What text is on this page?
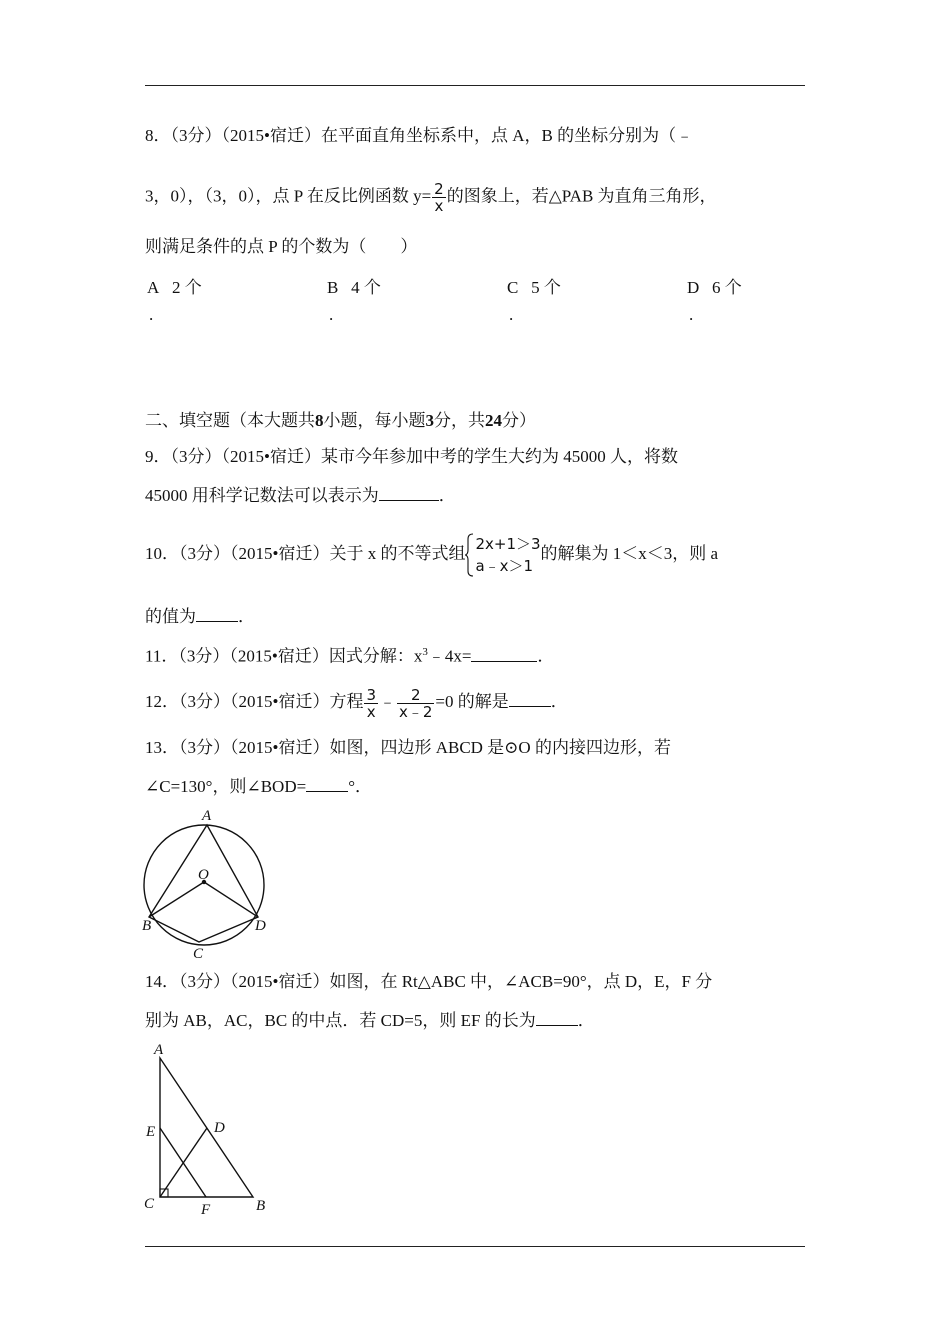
8．（3分）（2015•宿迁）在平面直角坐标系中，点 A，B 的坐标分别为（﹣
3，0），（3，0），点 P 在反比例函数 $y= \frac{2}{x}$ 的图象上，若△PAB 为直角三角形，
则满足条件的点 P 的个数为（　　）
A 2 个
.
B 4 个
.
C 5 个
.
D 6 个
.
二、填空题（本大题共8小题，每小题3分，共24分）
9．（3分）（2015•宿迁）某市今年参加中考的学生大约为 45000 人，将数
45000 用科学记数法可以表示为	．
10．（3分）（2015•宿迁）关于 x 的不等式组 2x+1＞3
a﹣x＞1
的解集为 1＜x＜3，则 a
的值为 ．
11．（3分）（2015•宿迁）因式分解：$x^3﹣4x=$	．
12．（3分）（2015•宿迁）方程 $\frac{3}{x}$ ﹣ $\frac{2}{x﹣2} =0$ 的解是 ．
13．（3分）（2015•宿迁）如图，四边形 ABCD 是⊙O 的内接四边形，若
∠C=130°，则∠BOD= °．
A
O
B
C
D
14．（3分）（2015•宿迁）如图，在 Rt△ABC 中，∠ACB=90°，点 D，E，F 分
别为 AB，AC，BC 的中点．若 CD=5，则 EF 的长为 ．
A
E	D
C	F	B
